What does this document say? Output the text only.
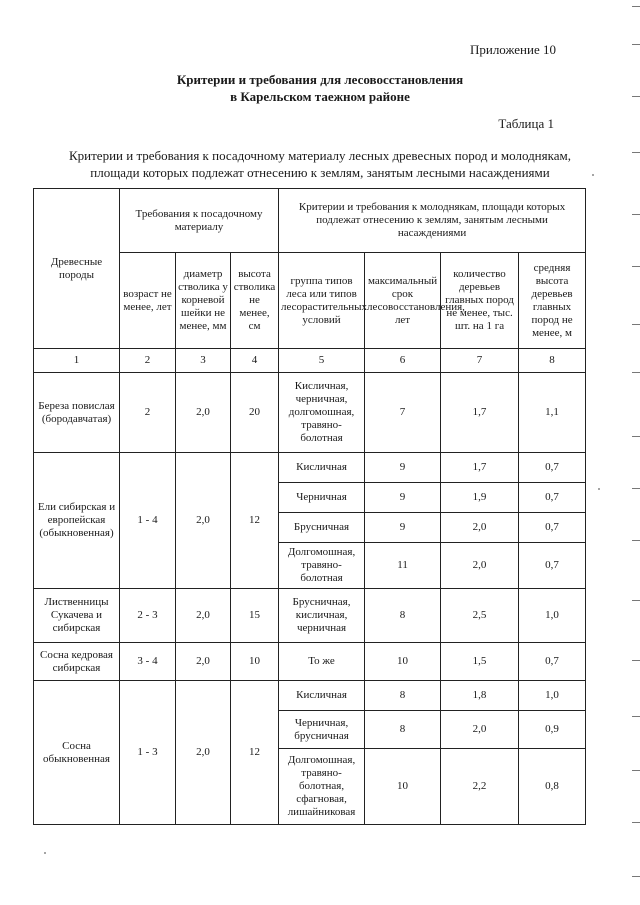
Приложение 10
Критерии и требования для лесовосстановления
в Карельском таежном районе
Таблица 1
Критерии и требования к посадочному материалу лесных древесных пород и молоднякам,
площади которых подлежат отнесению к землям, занятым лесными насаждениями
Древесные породы	Требования к посадочному материалу			Критерии и требования к молоднякам, площади которых подлежат отнесению к землям, занятым лесными насаждениями			
	возраст не менее, лет	диаметр стволика у корневой шейки не менее, мм	высота стволика не менее, см	группа типов леса или типов лесорастительных условий	максимальный срок лесовосстановления, лет	количество деревьев главных пород не менее, тыс. шт. на 1 га	средняя высота деревьев главных пород не менее, м
1	2	3	4	5	6	7	8
Береза повислая (бородавчатая)	2	2,0	20	Кисличная, черничная, долгомошная, травяно-болотная	7	1,7	1,1
Ели сибирская и европейская (обыкновенная)	1 - 4	2,0	12	Кисличная	9	1,7	0,7
				Черничная	9	1,9	0,7
				Брусничная	9	2,0	0,7
				Долгомошная, травяно-болотная	11	2,0	0,7
Лиственницы Сукачева и сибирская	2 - 3	2,0	15	Брусничная, кисличная, черничная	8	2,5	1,0
Сосна кедровая сибирская	3 - 4	2,0	10	То же	10	1,5	0,7
Сосна обыкновенная	1 - 3	2,0	12	Кисличная	8	1,8	1,0
				Черничная, брусничная	8	2,0	0,9
				Долгомошная, травяно-болотная, сфагновая, лишайниковая	10	2,2	0,8
